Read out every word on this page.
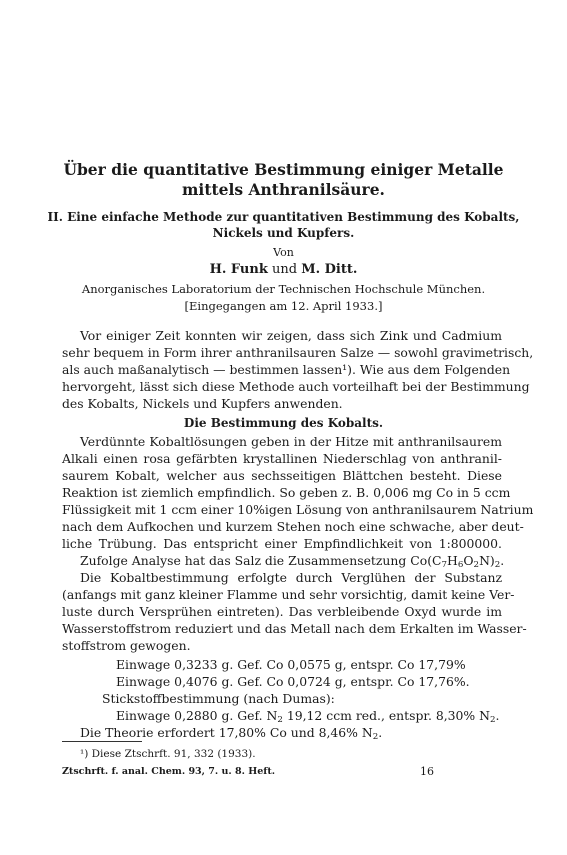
Über die quantitative Bestimmung einiger Metalle

mittels Anthranilsäure.

II. Eine einfache Methode zur quantitativen Bestimmung des Kobalts,

Nickels und Kupfers.

Von

H. Funk und M. Ditt.

Anorganisches Laboratorium der Technischen Hochschule München.

[Eingegangen am 12. April 1933.]

Vor einiger Zeit konnten wir zeigen, dass sich Zink und Cadmium

sehr bequem in Form ihrer anthranilsauren Salze — sowohl gravimetrisch,

als auch maßanalytisch — bestimmen lassen¹). Wie aus dem Folgenden

hervorgeht, lässt sich diese Methode auch vorteilhaft bei der Bestimmung

des Kobalts, Nickels und Kupfers anwenden.

Die Bestimmung des Kobalts.

Verdünnte Kobaltlösungen geben in der Hitze mit anthranilsaurem

Alkali einen rosa gefärbten krystallinen Niederschlag von anthranil-

saurem Kobalt, welcher aus sechsseitigen Blättchen besteht. Diese

Reaktion ist ziemlich empfindlich. So geben z. B. 0,006 mg Co in 5 ccm

Flüssigkeit mit 1 ccm einer 10%igen Lösung von anthranilsaurem Natrium

nach dem Aufkochen und kurzem Stehen noch eine schwache, aber deut-

liche Trübung. Das entspricht einer Empfindlichkeit von 1:800000.

Zufolge Analyse hat das Salz die Zusammensetzung $Co(C_7H_6O_2N)_2$.

Die Kobaltbestimmung erfolgte durch Verglühen der Substanz

(anfangs mit ganz kleiner Flamme und sehr vorsichtig, damit keine Ver-

luste durch Versprühen eintreten). Das verbleibende Oxyd wurde im

Wasserstoffstrom reduziert und das Metall nach dem Erkalten im Wasser-

stoffstrom gewogen.

Einwage 0,3233 g. Gef. Co 0,0575 g, entspr. Co 17,79%

Einwage 0,4076 g. Gef. Co 0,0724 g, entspr. Co 17,76%.

Stickstoffbestimmung (nach Dumas):

Einwage 0,2880 g. Gef. $N_2$ 19,12 ccm red., entspr. 8,30% $N_2$.

Die Theorie erfordert 17,80% Co und 8,46% $N_2$.

¹) Diese Ztschrft. 91, 332 (1933).

Ztschrft. f. anal. Chem. 93, 7. u. 8. Heft.	16
